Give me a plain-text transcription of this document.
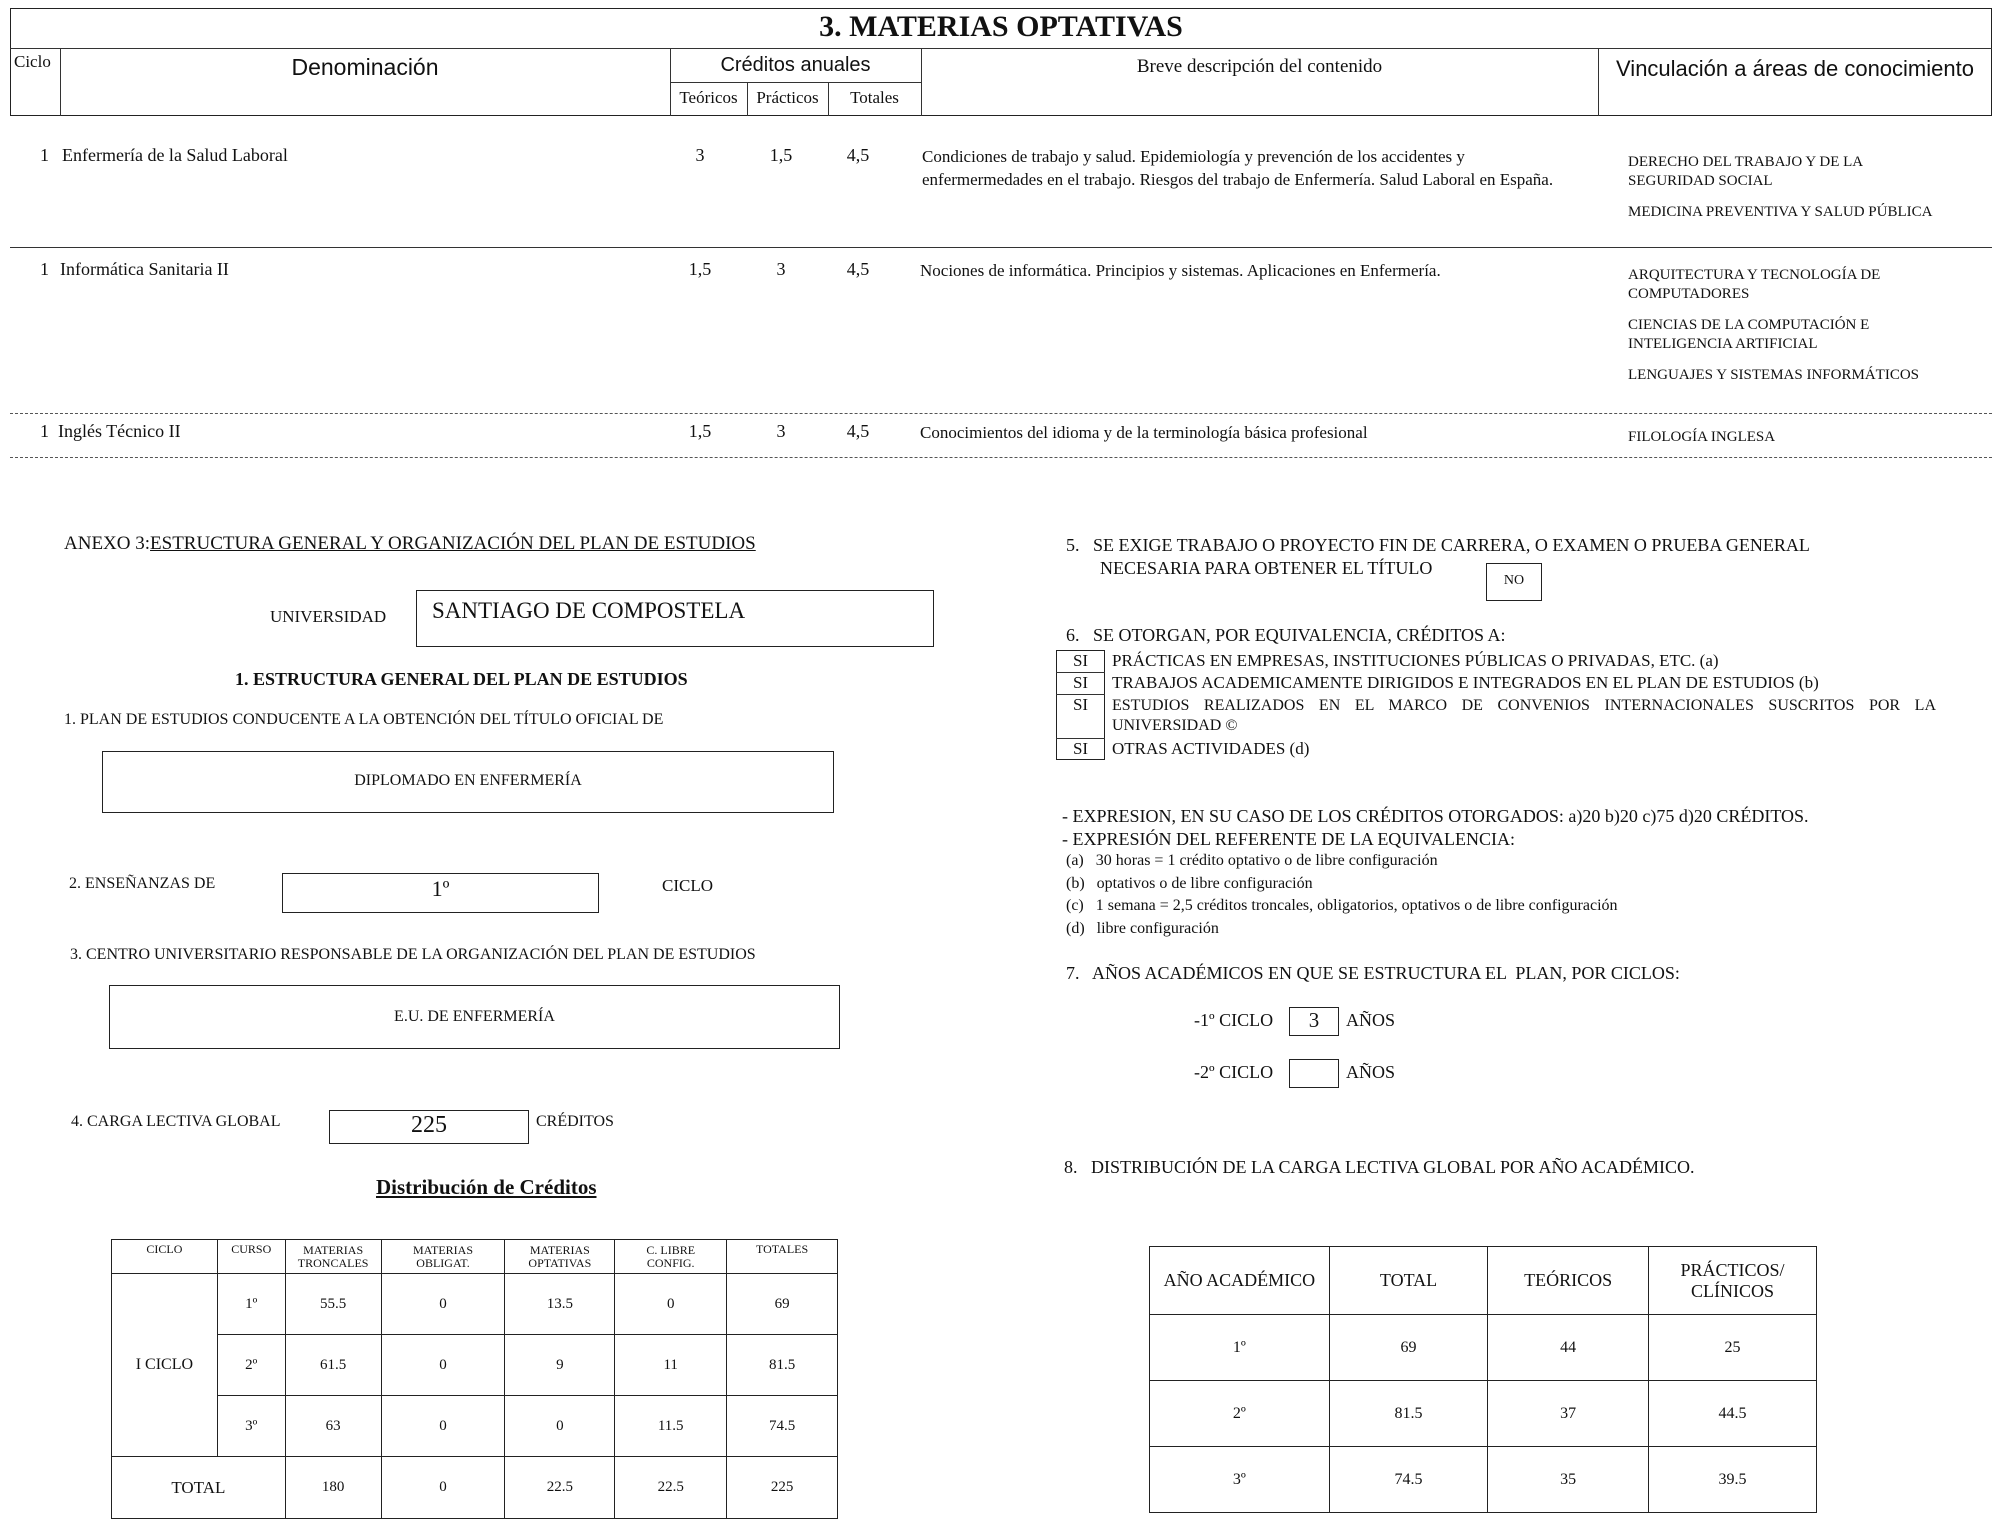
3. MATERIAS OPTATIVAS
Ciclo	Denominación	Créditos anuales
Teóricos	Prácticos	Totales
Breve descripción del contenido	Vinculación a áreas de conocimiento
1 Enfermería de la Salud Laboral	3	1,5	4,5	Condiciones de trabajo y salud. Epidemiología y prevención de los accidentes y enfermermedades en el trabajo. Riesgos del trabajo de Enfermería. Salud Laboral en España.
DERECHO DEL TRABAJO Y DE LA SEGURIDAD SOCIAL
MEDICINA PREVENTIVA Y SALUD PÚBLICA
1 Informática Sanitaria II	1,5	3	4,5	Nociones de informática. Principios y sistemas. Aplicaciones en Enfermería.	ARQUITECTURA Y TECNOLOGÍA DE COMPUTADORES
CIENCIAS DE LA COMPUTACIÓN E INTELIGENCIA ARTIFICIAL
LENGUAJES Y SISTEMAS INFORMÁTICOS
1 Inglés Técnico II	1,5	3	4,5	Conocimientos del idioma y de la terminología básica profesional	FILOLOGÍA INGLESA
ANEXO 3:ESTRUCTURA GENERAL Y ORGANIZACIÓN DEL PLAN DE ESTUDIOS
UNIVERSIDAD SANTIAGO DE COMPOSTELA
1. ESTRUCTURA GENERAL DEL PLAN DE ESTUDIOS
1. PLAN DE ESTUDIOS CONDUCENTE A LA OBTENCIÓN DEL TÍTULO OFICIAL DE
DIPLOMADO EN ENFERMERÍA
2. ENSEÑANZAS DE	1º	CICLO
3. CENTRO UNIVERSITARIO RESPONSABLE DE LA ORGANIZACIÓN DEL PLAN DE ESTUDIOS
E.U. DE ENFERMERÍA
4. CARGA LECTIVA GLOBAL	225	CRÉDITOS
Distribución de Créditos
CICLO	CURSO	MATERIAS TRONCALES	MATERIAS OBLIGAT.	MATERIAS OPTATIVAS	C. LIBRE CONFIG.	TOTALES
I CICLO	1º	55.5	0	13.5	0	69
	2º	61.5	0	9	11	81.5
	3º	63	0	0	11.5	74.5
TOTAL		180	0	22.5	22.5	225
5.   SE EXIGE TRABAJO O PROYECTO FIN DE CARRERA, O EXAMEN O PRUEBA GENERAL
NECESARIA PARA OBTENER EL TÍTULO
NO
6.   SE OTORGAN, POR EQUIVALENCIA, CRÉDITOS A:
SI	PRÁCTICAS EN EMPRESAS, INSTITUCIONES PÚBLICAS O PRIVADAS, ETC. (a)
SI	TRABAJOS ACADEMICAMENTE DIRIGIDOS E INTEGRADOS EN EL PLAN DE ESTUDIOS (b)
SI	ESTUDIOS REALIZADOS EN EL MARCO DE CONVENIOS INTERNACIONALES SUSCRITOS POR LA UNIVERSIDAD ©
SI	OTRAS ACTIVIDADES (d)
- EXPRESION, EN SU CASO DE LOS CRÉDITOS OTORGADOS: a)20 b)20 c)75 d)20 CRÉDITOS.
- EXPRESIÓN DEL REFERENTE DE LA EQUIVALENCIA:
(a)   30 horas = 1 crédito optativo o de libre configuración
(b)   optativos o de libre configuración
(c)   1 semana = 2,5 créditos troncales, obligatorios, optativos o de libre configuración
(d)   libre configuración
7.   AÑOS ACADÉMICOS EN QUE SE ESTRUCTURA EL  PLAN, POR CICLOS:
-1º CICLO	3	AÑOS
-2º CICLO	AÑOS
8.   DISTRIBUCIÓN DE LA CARGA LECTIVA GLOBAL POR AÑO ACADÉMICO.
AÑO ACADÉMICO	TOTAL	TEÓRICOS	PRÁCTICOS/ CLÍNICOS
1º	69	44	25
2º	81.5	37	44.5
3º	74.5	35	39.5
